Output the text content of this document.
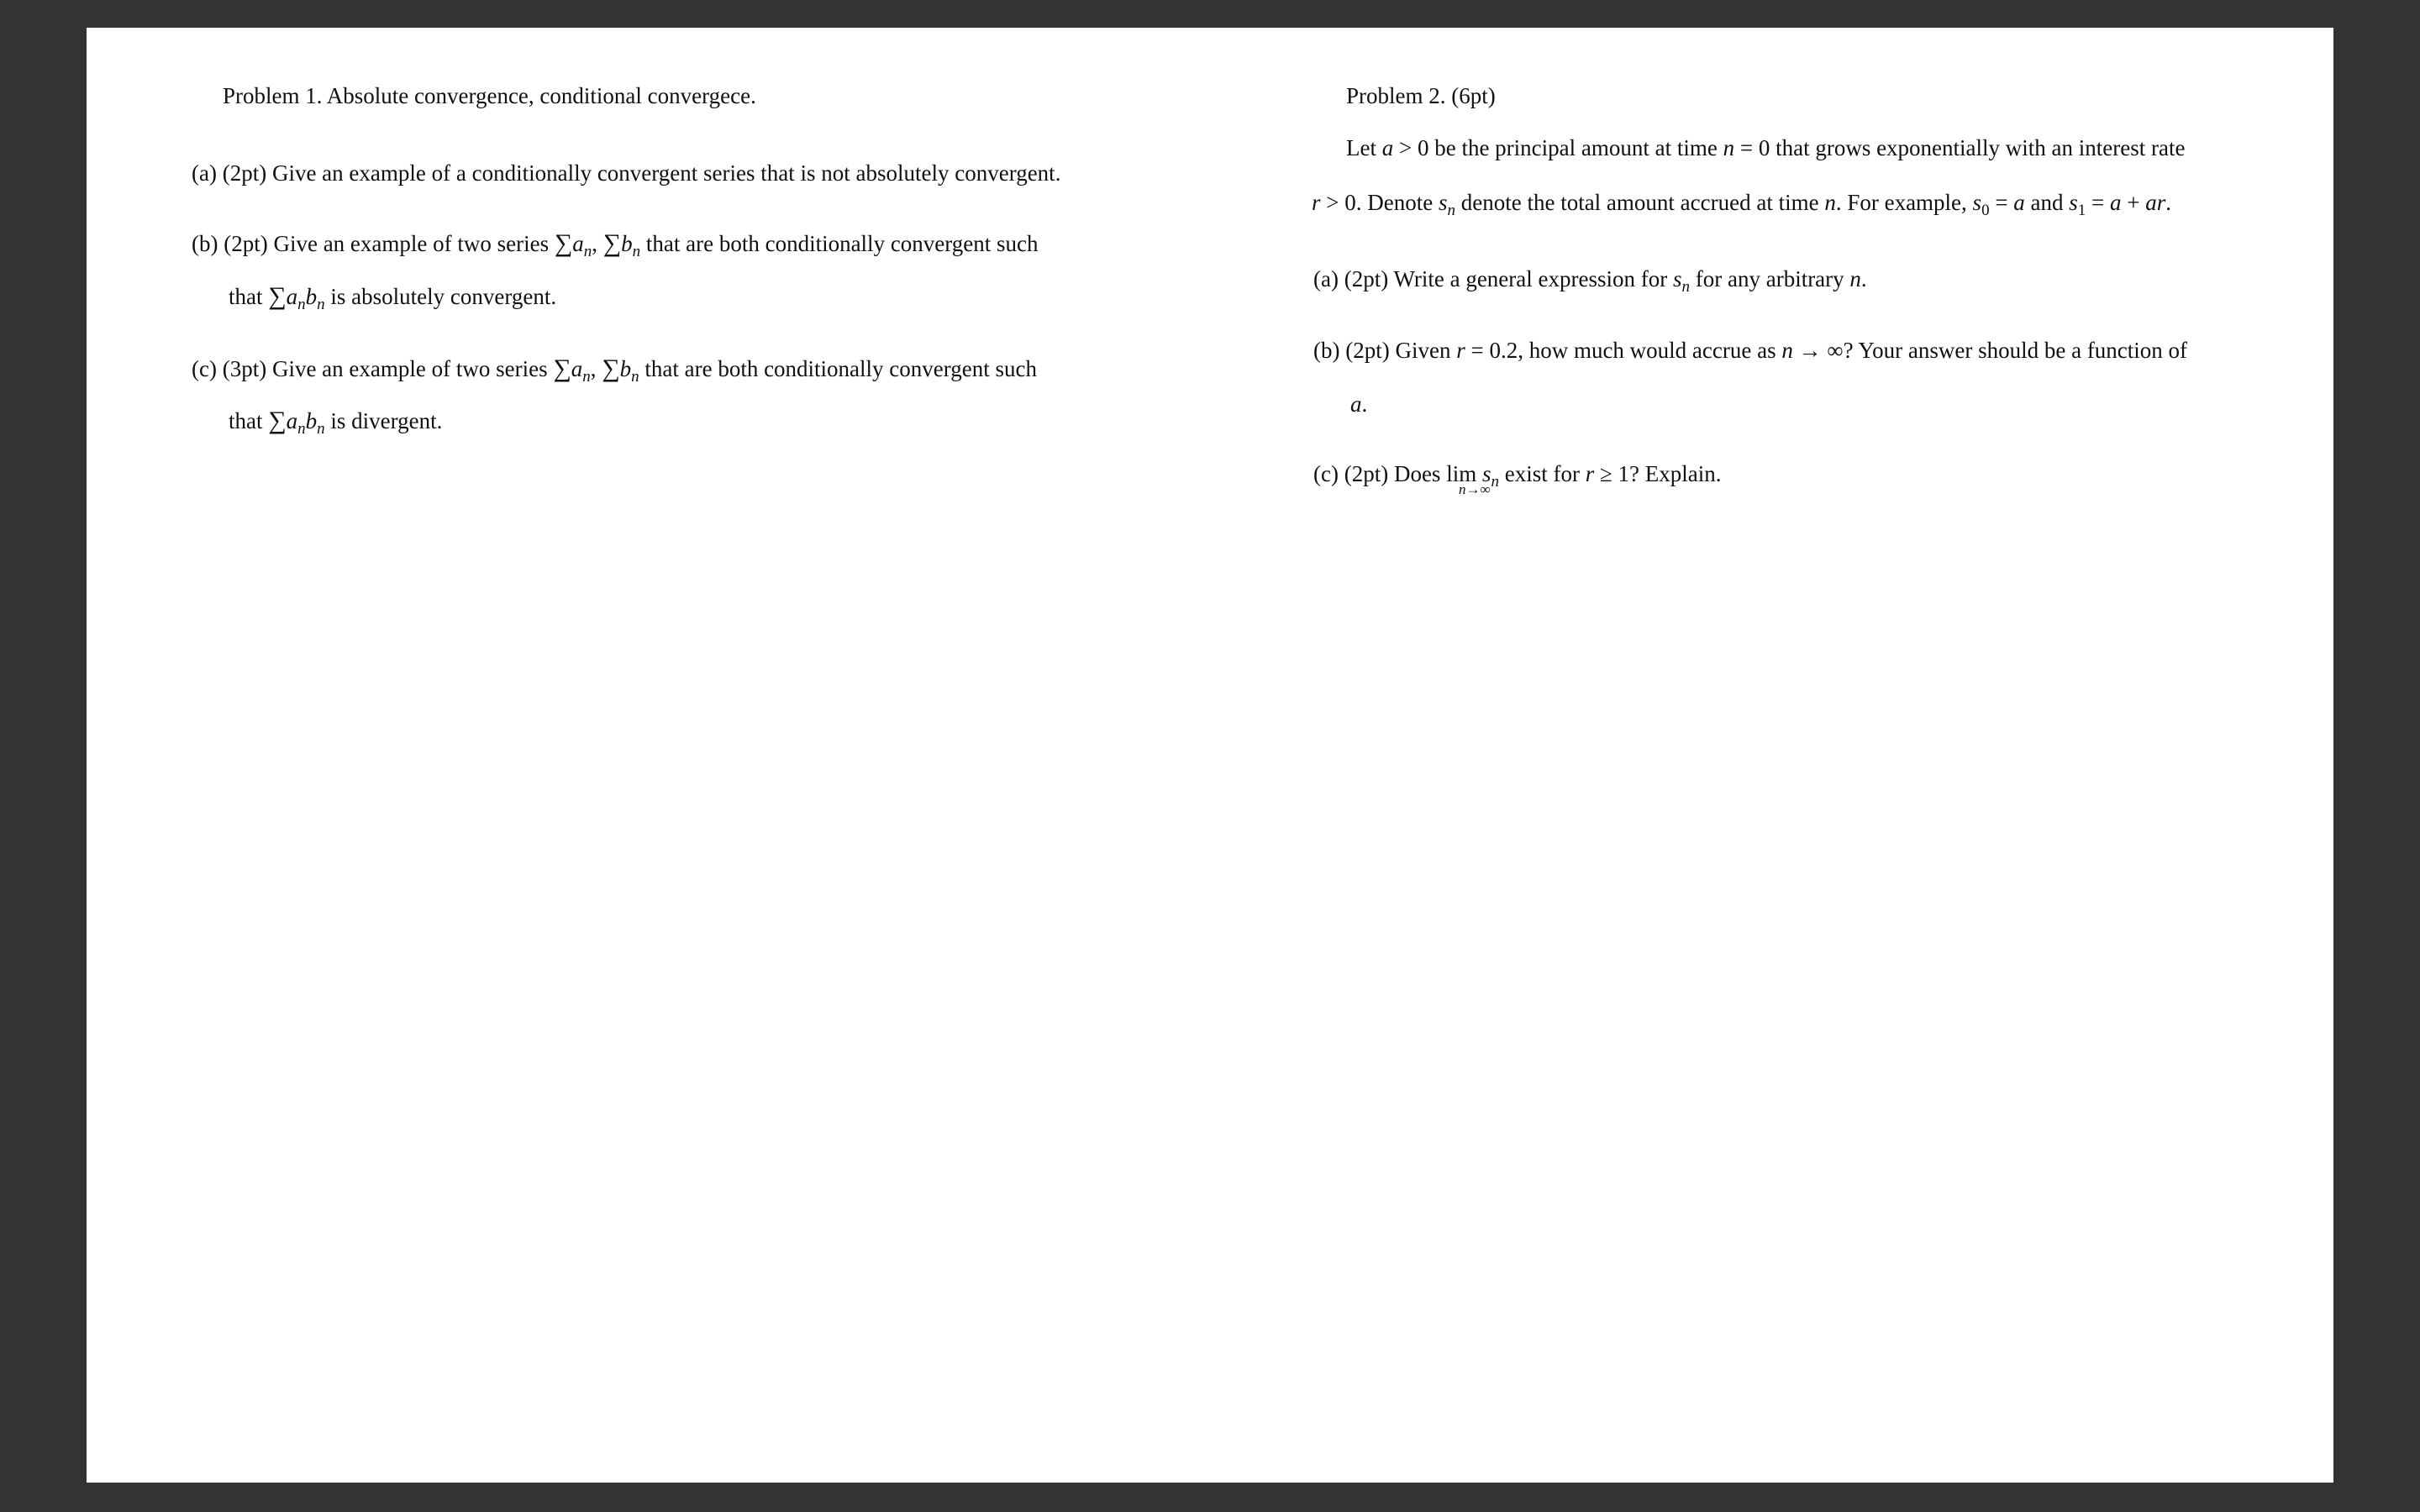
Problem 1. Absolute convergence, conditional convergece.
(a) (2pt) Give an example of a conditionally convergent series that is not absolutely convergent.
(b) (2pt) Give an example of two series $\sum a_n$, $\sum b_n$ that are both conditionally convergent such
that $\sum a_nb_n$ is absolutely convergent.
(c) (3pt) Give an example of two series $\sum a_n$, $\sum b_n$ that are both conditionally convergent such
that $\sum a_nb_n$ is divergent.
Problem 2. (6pt)
Let a > 0 be the principal amount at time n = 0 that grows exponentially with an interest rate
r > 0. Denote $s_n$ denote the total amount accrued at time n. For example, $s_0 = a$ and $s_1 = a$ + ar.
(a) (2pt) Write a general expression for $s_n$ for any arbitrary n.
(b) (2pt) Given r = 0.2, how much would accrue as n → ∞? Your answer should be a function of
a.
(c) (2pt) Does $\lim s_n$ exist for r ≥ 1? Explain.
n→∞
